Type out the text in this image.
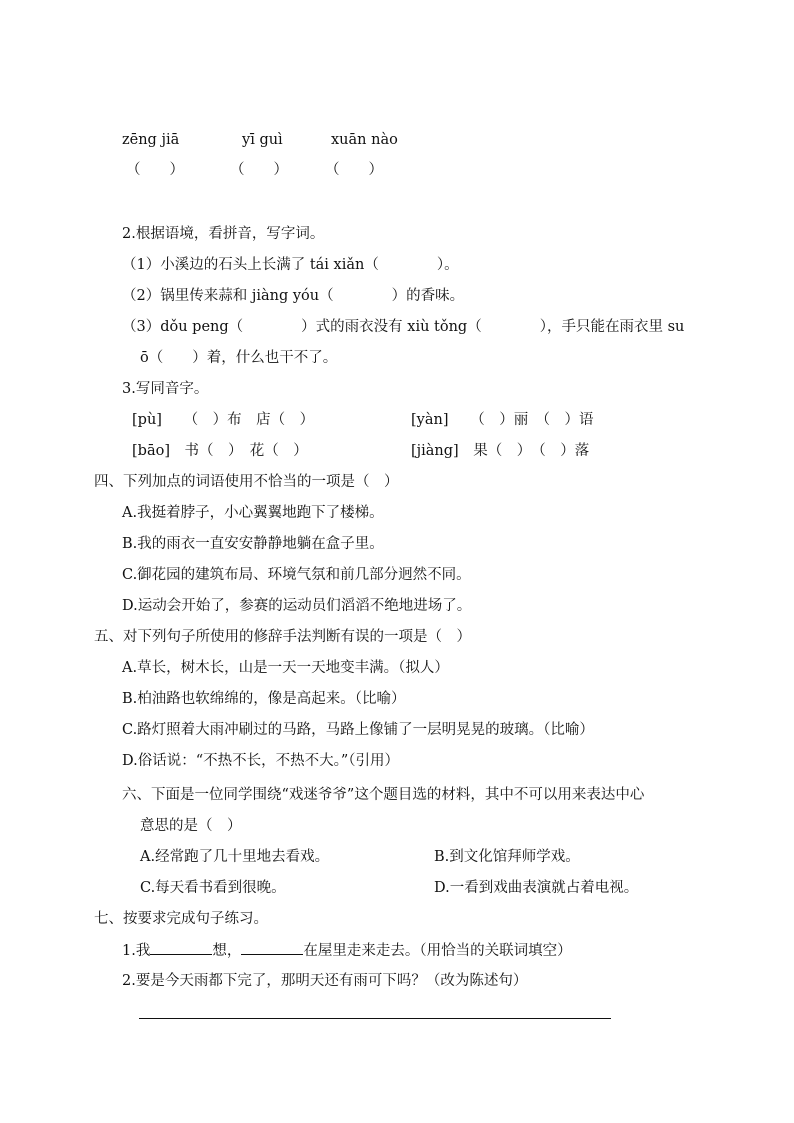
zēng jiā	yī guì	xuān nào
（　　）	（　　）	（　　）
2.根据语境，看拼音，写字词。
（1）小溪边的石头上长满了 tái xiǎn（　　　　）。
（2）锅里传来蒜和 jiàng yóu（　　　　）的香味。
（3）dǒu peng（　　　　）式的雨衣没有 xiù tǒng（　　　　），手只能在雨衣里 su
ō（　　）着，什么也干不了。
3.写同音字。
[pù]　　（　）布　店（　）	[yàn]　　（　）丽　（　）语
[bāo]　书（　）　花（　）	[jiàng]　果（　）　（　）落
四、下列加点的词语使用不恰当的一项是（　）
A.我挺着脖子，小心翼翼地跑下了楼梯。
B.我的雨衣一直安安静静地躺在盒子里。
C.御花园的建筑布局、环境气氛和前几部分迥然不同。
D.运动会开始了，参赛的运动员们滔滔不绝地进场了。
五、对下列句子所使用的修辞手法判断有误的一项是（　）
A.草长，树木长，山是一天一天地变丰满。（拟人）
B.柏油路也软绵绵的，像是高起来。（比喻）
C.路灯照着大雨冲刷过的马路，马路上像铺了一层明晃晃的玻璃。（比喻）
D.俗话说：“不热不长，不热不大。”（引用）
六、下面是一位同学围绕“戏迷爷爷”这个题目选的材料，其中不可以用来表达中心
意思的是（　）
A.经常跑了几十里地去看戏。	B.到文化馆拜师学戏。
C.每天看书看到很晚。	D.一看到戏曲表演就占着电视。
七、按要求完成句子练习。
1.我	想，	在屋里走来走去。（用恰当的关联词填空）
2.要是今天雨都下完了，那明天还有雨可下吗？（改为陈述句）
